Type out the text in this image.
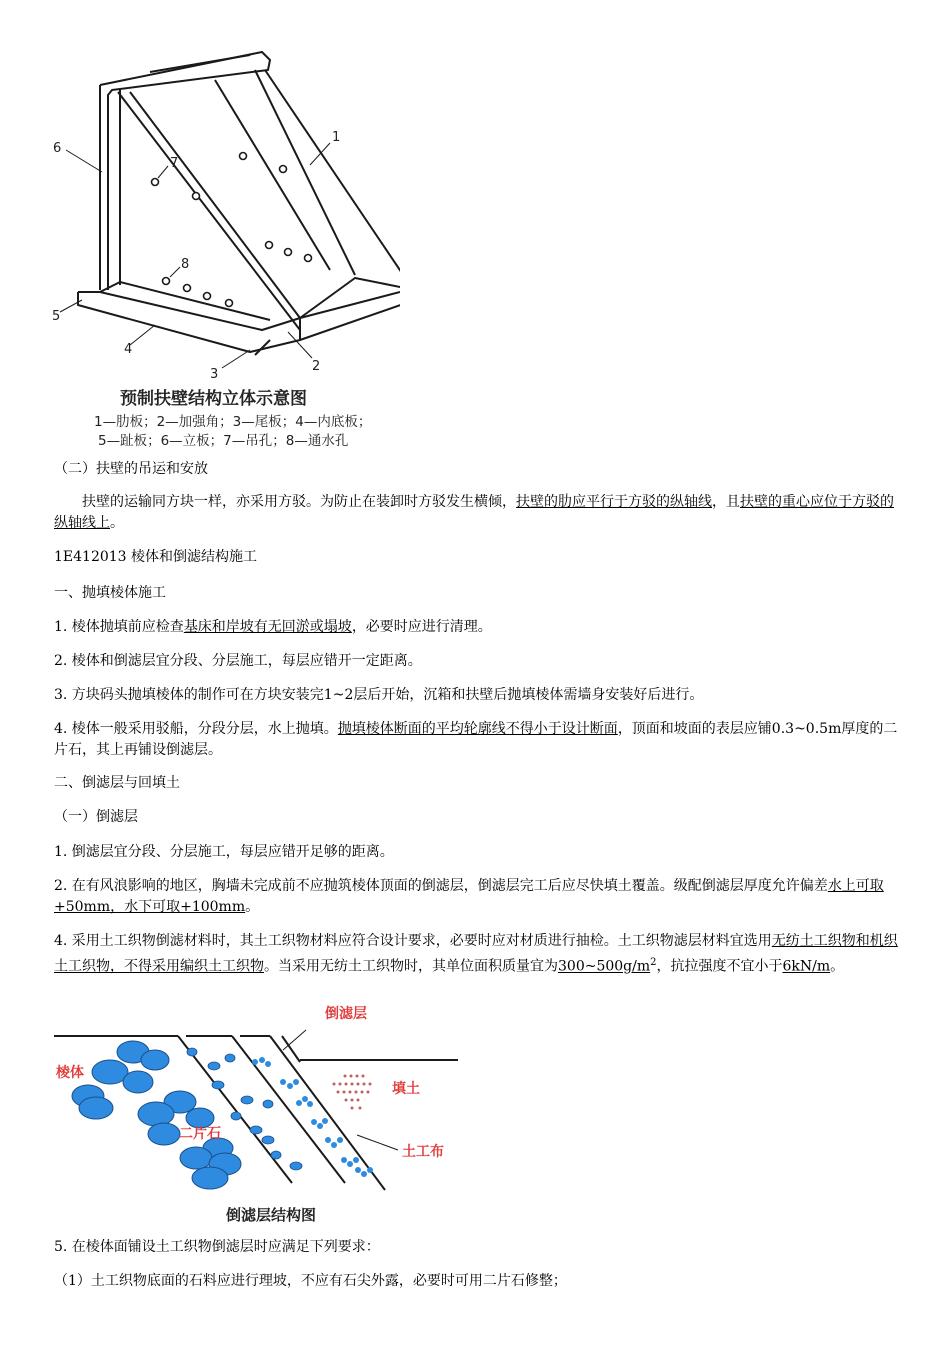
1
2
3
4
5
6
7
8
预制扶壁结构立体示意图
1—肋板；2—加强角；3—尾板；4—内底板；
5—趾板；6—立板；7—吊孔；8—通水孔
（二）扶壁的吊运和安放
扶壁的运输同方块一样，亦采用方驳。为防止在装卸时方驳发生横倾，扶壁的肋应平行于方驳的纵轴线，且扶壁的重心应位于方驳的纵轴线上。
1E412013 棱体和倒滤结构施工
一、抛填棱体施工
1. 棱体抛填前应检查基床和岸坡有无回淤或塌坡，必要时应进行清理。
2. 棱体和倒滤层宜分段、分层施工，每层应错开一定距离。
3. 方块码头抛填棱体的制作可在方块安装完1~2层后开始，沉箱和扶壁后抛填棱体需墙身安装好后进行。
4. 棱体一般采用驳船，分段分层，水上抛填。抛填棱体断面的平均轮廓线不得小于设计断面，顶面和坡面的表层应铺0.3~0.5m厚度的二片石，其上再铺设倒滤层。
二、倒滤层与回填土
（一）倒滤层
1. 倒滤层宜分段、分层施工，每层应错开足够的距离。
2. 在有风浪影响的地区，胸墙未完成前不应抛筑棱体顶面的倒滤层，倒滤层完工后应尽快填土覆盖。级配倒滤层厚度允许偏差水上可取+50mm，水下可取+100mm。
4. 采用土工织物倒滤材料时，其土工织物材料应符合设计要求，必要时应对材质进行抽检。土工织物滤层材料宜选用无纺土工织物和机织土工织物，不得采用编织土工织物。当采用无纺土工织物时，其单位面积质量宜为$300\sim 500g/m^2$，抗拉强度不宜小于6kN/m。
倒滤层
棱体
填土
二片石
土工布
倒滤层结构图
5. 在棱体面铺设土工织物倒滤层时应满足下列要求：
（1）土工织物底面的石料应进行理坡，不应有石尖外露，必要时可用二片石修整；
